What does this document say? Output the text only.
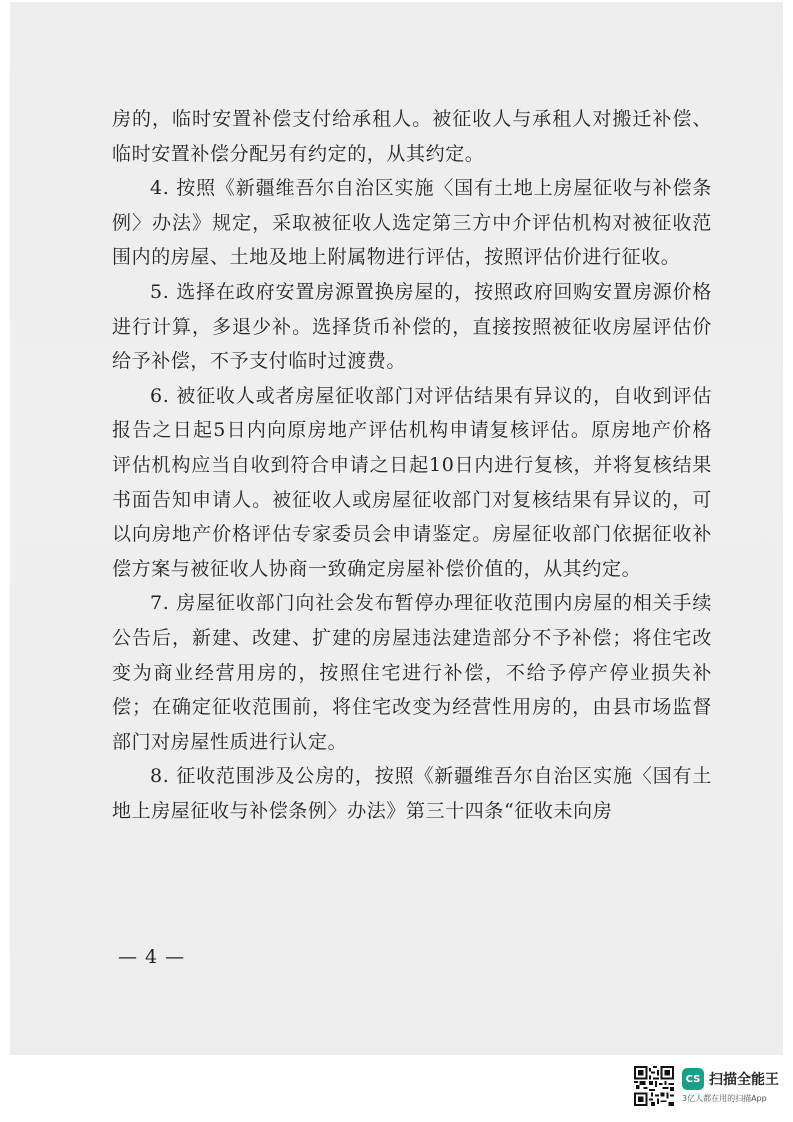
房的，临时安置补偿支付给承租人。被征收人与承租人对搬迁补偿、临时安置补偿分配另有约定的，从其约定。

4. 按照《新疆维吾尔自治区实施〈国有土地上房屋征收与补偿条例〉办法》规定，采取被征收人选定第三方中介评估机构对被征收范围内的房屋、土地及地上附属物进行评估，按照评估价进行征收。

5. 选择在政府安置房源置换房屋的，按照政府回购安置房源价格进行计算，多退少补。选择货币补偿的，直接按照被征收房屋评估价给予补偿，不予支付临时过渡费。

6. 被征收人或者房屋征收部门对评估结果有异议的，自收到评估报告之日起5日内向原房地产评估机构申请复核评估。原房地产价格评估机构应当自收到符合申请之日起10日内进行复核，并将复核结果书面告知申请人。被征收人或房屋征收部门对复核结果有异议的，可以向房地产价格评估专家委员会申请鉴定。房屋征收部门依据征收补偿方案与被征收人协商一致确定房屋补偿价值的，从其约定。

7. 房屋征收部门向社会发布暂停办理征收范围内房屋的相关手续公告后，新建、改建、扩建的房屋违法建造部分不予补偿；将住宅改变为商业经营用房的，按照住宅进行补偿，不给予停产停业损失补偿；在确定征收范围前，将住宅改变为经营性用房的，由县市场监督部门对房屋性质进行认定。

8. 征收范围涉及公房的，按照《新疆维吾尔自治区实施〈国有土地上房屋征收与补偿条例〉办法》第三十四条“征收未向房

— 4 —
CS 扫描全能王
3亿人都在用的扫描App
